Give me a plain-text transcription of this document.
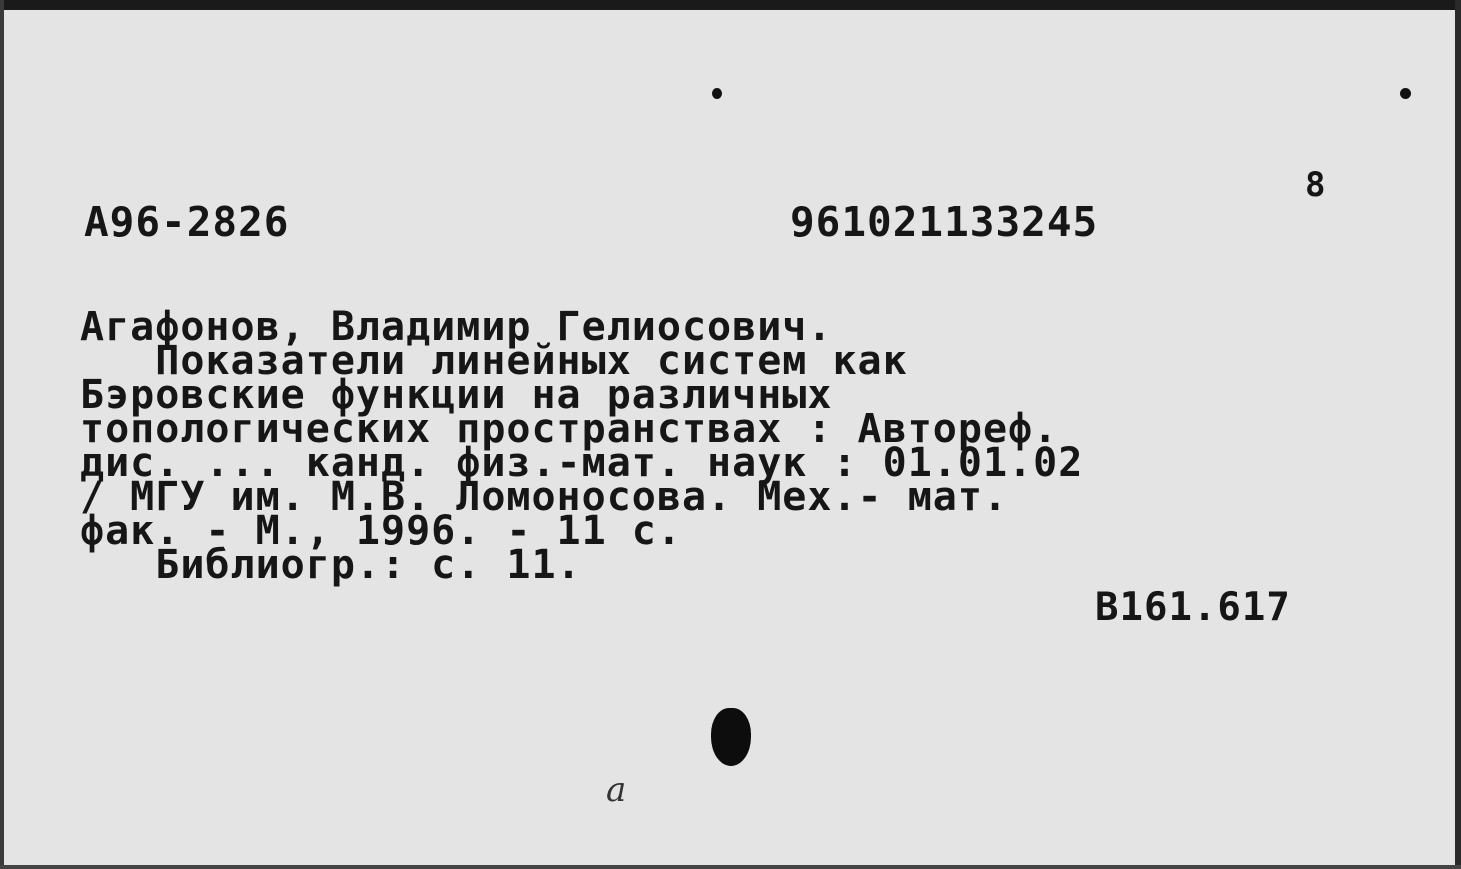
А96-2826	961021133245
8
Агафонов, Владимир Гелиосович.
Показатели линейных систем как
Бэровские функции на различных
топологических пространствах : Автореф.
дис. ... канд. физ.-мат. наук : 01.01.02
/ МГУ им. М.В. Ломоносова. Мех.- мат.
фак. - М., 1996. - 11 с.
Библиогр.: с. 11.
В161.617
а
